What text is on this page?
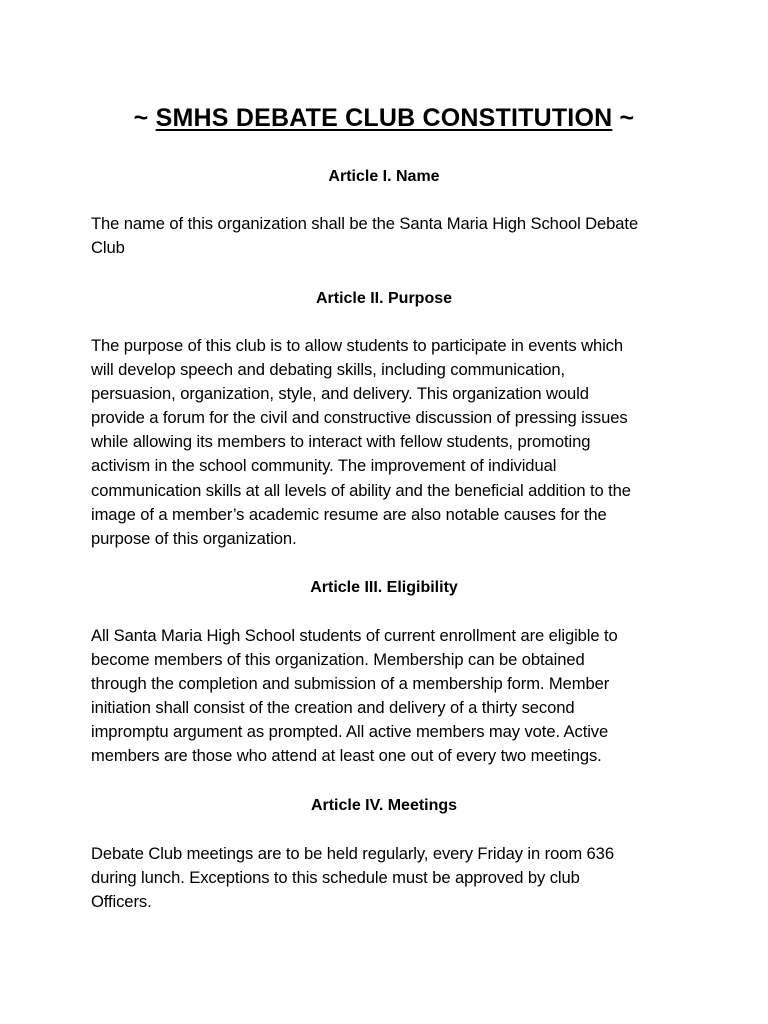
~ SMHS DEBATE CLUB CONSTITUTION ~
Article I. Name
The name of this organization shall be the Santa Maria High School Debate
Club
Article II. Purpose
The purpose of this club is to allow students to participate in events which
will develop speech and debating skills, including communication,
persuasion, organization, style, and delivery. This organization would
provide a forum for the civil and constructive discussion of pressing issues
while allowing its members to interact with fellow students, promoting
activism in the school community. The improvement of individual
communication skills at all levels of ability and the beneficial addition to the
image of a member’s academic resume are also notable causes for the
purpose of this organization.
Article III. Eligibility
All Santa Maria High School students of current enrollment are eligible to
become members of this organization. Membership can be obtained
through the completion and submission of a membership form. Member
initiation shall consist of the creation and delivery of a thirty second
impromptu argument as prompted. All active members may vote. Active
members are those who attend at least one out of every two meetings.
Article IV. Meetings
Debate Club meetings are to be held regularly, every Friday in room 636
during lunch. Exceptions to this schedule must be approved by club
Officers.
